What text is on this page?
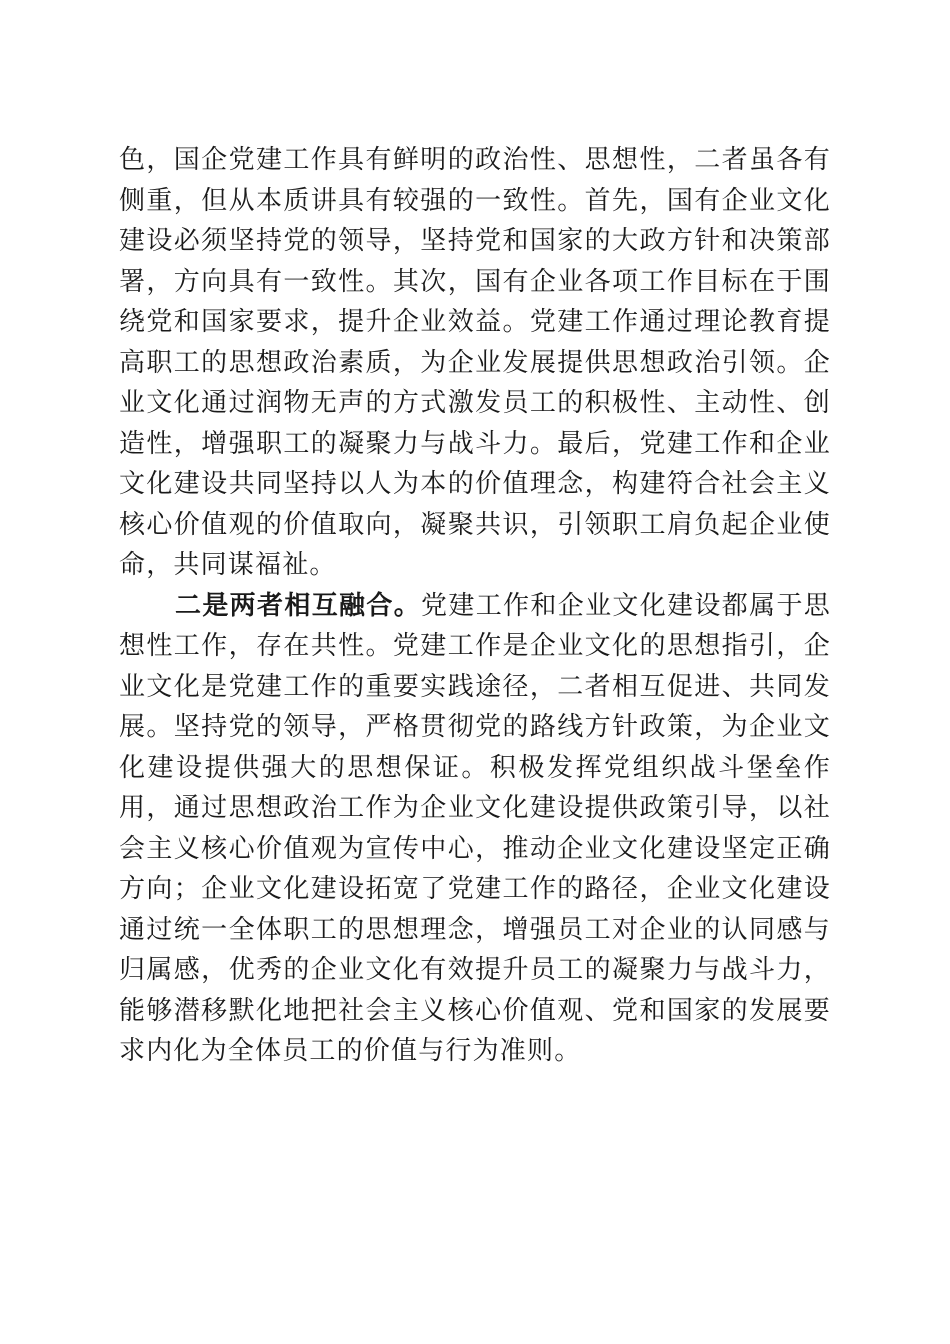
色，国企党建工作具有鲜明的政治性、思想性，二者虽各有侧重，但从本质讲具有较强的一致性。首先，国有企业文化建设必须坚持党的领导，坚持党和国家的大政方针和决策部署，方向具有一致性。其次，国有企业各项工作目标在于围绕党和国家要求，提升企业效益。党建工作通过理论教育提高职工的思想政治素质，为企业发展提供思想政治引领。企业文化通过润物无声的方式激发员工的积极性、主动性、创造性，增强职工的凝聚力与战斗力。最后，党建工作和企业文化建设共同坚持以人为本的价值理念，构建符合社会主义核心价值观的价值取向，凝聚共识，引领职工肩负起企业使命，共同谋福祉。

二是两者相互融合。党建工作和企业文化建设都属于思想性工作，存在共性。党建工作是企业文化的思想指引，企业文化是党建工作的重要实践途径，二者相互促进、共同发展。坚持党的领导，严格贯彻党的路线方针政策，为企业文化建设提供强大的思想保证。积极发挥党组织战斗堡垒作用，通过思想政治工作为企业文化建设提供政策引导，以社会主义核心价值观为宣传中心，推动企业文化建设坚定正确方向；企业文化建设拓宽了党建工作的路径，企业文化建设通过统一全体职工的思想理念，增强员工对企业的认同感与归属感，优秀的企业文化有效提升员工的凝聚力与战斗力，能够潜移默化地把社会主义核心价值观、党和国家的发展要求内化为全体员工的价值与行为准则。
